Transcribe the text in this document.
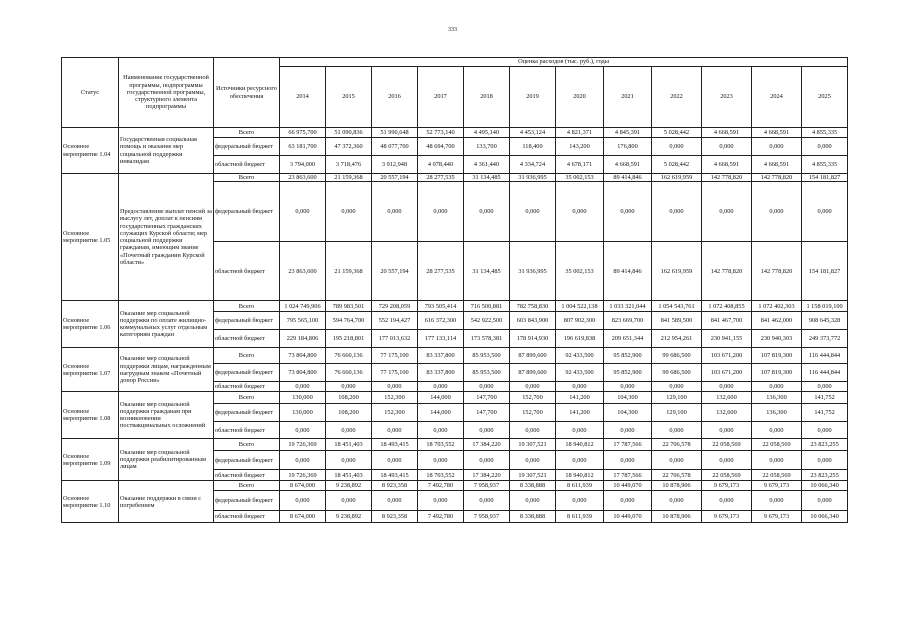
333
Статус	Наименование государственной программы, подпрограммы государственной программы, структурного элемента подпрограммы	Источники ресурсного обеспечения	Оценка расходов (тыс. руб.), годы											
			2014	2015	2016	2017	2018	2019	2020	2021	2022	2023	2024	2025
Основное мероприятие 1.04	Государственная социальная помощь и оказание мер социальной поддержки инвалидам	Всего	66 975,700	51 090,836	51 990,648	52 773,140	4 495,140	4 453,124	4 821,371	4 845,391	5 028,442	4 668,591	4 668,591	4 855,335
		федеральный бюджет	63 181,700	47 372,360	48 077,700	48 694,700	133,700	118,400	143,200	176,800	0,000	0,000	0,000	0,000
		областной бюджет	3 794,000	3 718,476	3 912,948	4 078,440	4 361,440	4 334,724	4 678,171	4 668,591	5 028,442	4 668,591	4 668,591	4 855,335
Основное мероприятие 1.05	Предоставление выплат пенсий за выслугу лет, доплат к пенсиям государственных гражданских служащих Курской области; мер социальной поддержки гражданам, имеющим звание «Почетный гражданин Курской области»	Всего	23 863,600	21 159,368	20 557,194	28 277,535	31 134,485	31 936,995	35 002,153	89 414,846	162 619,959	142 778,820	142 778,820	154 181,827
		федеральный бюджет	0,000	0,000	0,000	0,000	0,000	0,000	0,000	0,000	0,000	0,000	0,000	0,000
		областной бюджет	23 863,600	21 159,368	20 557,194	28 277,535	31 134,485	31 936,995	35 002,153	89 414,846	162 619,959	142 778,820	142 778,820	154 181,827
Основное мероприятие 1.06	Оказание мер социальной поддержки по оплате жилищно-коммунальных услуг отдельным категориям граждан	Всего	1 024 749,906	789 983,501	729 208,059	793 505,414	716 500,881	782 758,830	1 004 522,138	1 033 321,044	1 054 543,761	1 072 408,855	1 072 402,303	1 158 019,100
		федеральный бюджет	795 565,100	594 764,700	552 194,427	616 372,300	542 922,500	603 843,900	807 902,300	823 669,700	841 589,500	841 467,700	841 462,000	908 645,328
		областной бюджет	229 184,806	195 218,801	177 013,632	177 133,114	173 578,381	178 914,930	196 619,838	209 651,344	212 954,261	230 941,155	230 940,303	249 373,772
Основное мероприятие 1.07	Оказание мер социальной поддержки лицам, награжденным нагрудным знаком «Почетный донор России»	Всего	73 804,800	76 660,136	77 175,100	83 337,800	85 953,500	87 899,600	92 433,500	95 852,900	99 686,500	103 671,200	107 819,300	116 444,844
		федеральный бюджет	73 804,800	76 660,136	77 175,100	83 337,800	85 953,500	87 899,600	92 433,500	95 852,900	99 686,500	103 671,200	107 819,300	116 444,844
		областной бюджет	0,000	0,000	0,000	0,000	0,000	0,000	0,000	0,000	0,000	0,000	0,000	0,000
Основное мероприятие 1.08	Оказание мер социальной поддержки гражданам при возникновении поствакцинальных осложнений	Всего	130,000	108,200	152,300	144,000	147,700	152,700	141,200	104,300	129,100	132,600	136,300	141,752
		федеральный бюджет	130,000	108,200	152,300	144,000	147,700	152,700	141,200	104,300	129,100	132,600	136,300	141,752
		областной бюджет	0,000	0,000	0,000	0,000	0,000	0,000	0,000	0,000	0,000	0,000	0,000	0,000
Основное мероприятие 1.09	Оказание мер социальной поддержки реабилитированным лицам	Всего	19 726,369	18 451,403	18 493,415	18 703,552	17 384,220	19 307,521	18 940,812	17 787,566	22 706,578	22 058,569	22 058,569	23 823,255
		федеральный бюджет	0,000	0,000	0,000	0,000	0,000	0,000	0,000	0,000	0,000	0,000	0,000	0,000
		областной бюджет	19 726,369	18 451,403	18 493,415	18 703,552	17 384,220	19 307,521	18 940,812	17 787,566	22 706,578	22 058,569	22 058,569	23 823,255
Основное мероприятие 1.10	Оказание поддержки в связи с погребением	Всего	8 674,000	9 238,892	8 923,358	7 492,780	7 958,937	8 338,888	8 611,939	10 449,070	10 878,906	9 679,173	9 679,173	10 066,340
		федеральный бюджет	0,000	0,000	0,000	0,000	0,000	0,000	0,000	0,000	0,000	0,000	0,000	0,000
		областной бюджет	8 674,000	9 238,892	8 923,358	7 492,780	7 958,937	8 338,888	8 611,939	10 449,070	10 878,906	9 679,173	9 679,173	10 066,340
